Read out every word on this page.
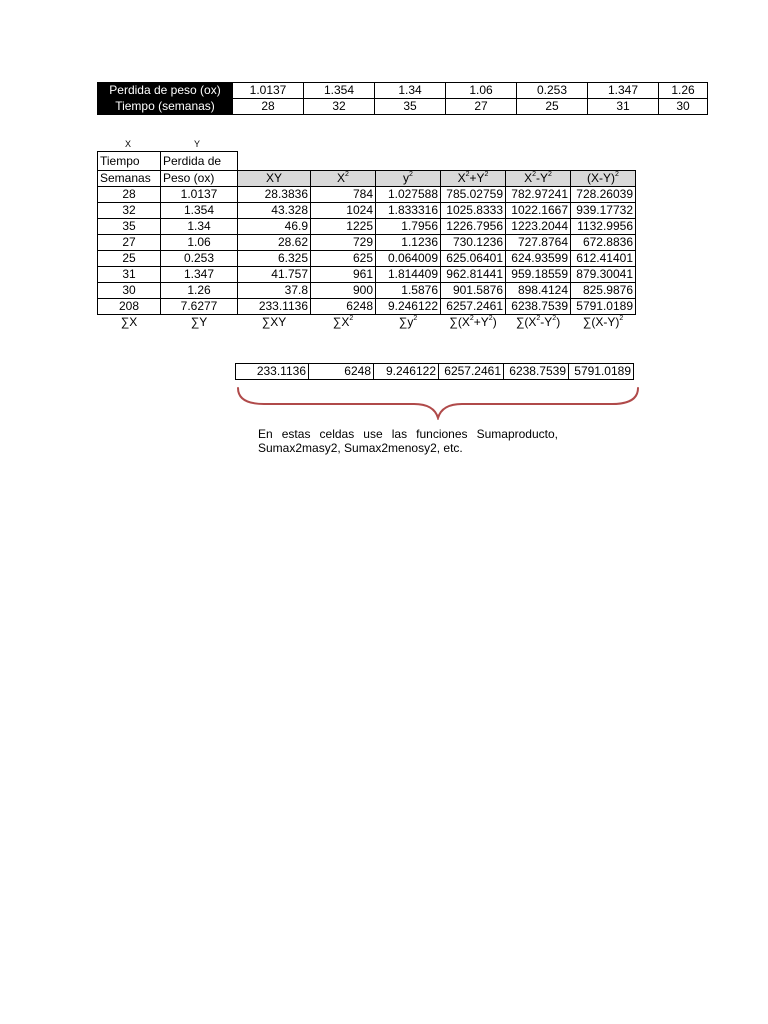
Perdida de peso (ox)	1.0137	1.354	1.34	1.06	0.253	1.347	1.26
Tiempo (semanas)	28	32	35	27	25	31	30
X	Y
Tiempo	Perdida de						
Semanas	Peso (ox)	XY	$X^2$	$y^2$	$X^2+Y^2$	$X^2-Y^2$	$(X-Y)^2$
28	1.0137	28.3836	784	1.027588	785.02759	782.97241	728.26039
32	1.354	43.328	1024	1.833316	1025.8333	1022.1667	939.17732
35	1.34	46.9	1225	1.7956	1226.7956	1223.2044	1132.9956
27	1.06	28.62	729	1.1236	730.1236	727.8764	672.8836
25	0.253	6.325	625	0.064009	625.06401	624.93599	612.41401
31	1.347	41.757	961	1.814409	962.81441	959.18559	879.30041
30	1.26	37.8	900	1.5876	901.5876	898.4124	825.9876
208	7.6277	233.1136	6248	9.246122	6257.2461	6238.7539	5791.0189
∑X	∑Y	∑XY	$\sum X^2$	$\sum y^2$	$\sum(X^2+Y^2)$	$\sum(X^2-Y^2)$	$\sum(X-Y)^2$
233.1136	6248	9.246122	6257.2461	6238.7539	5791.0189
En estas celdas use las funciones Sumaproducto, Sumax2masy2, Sumax2menosy2, etc.
